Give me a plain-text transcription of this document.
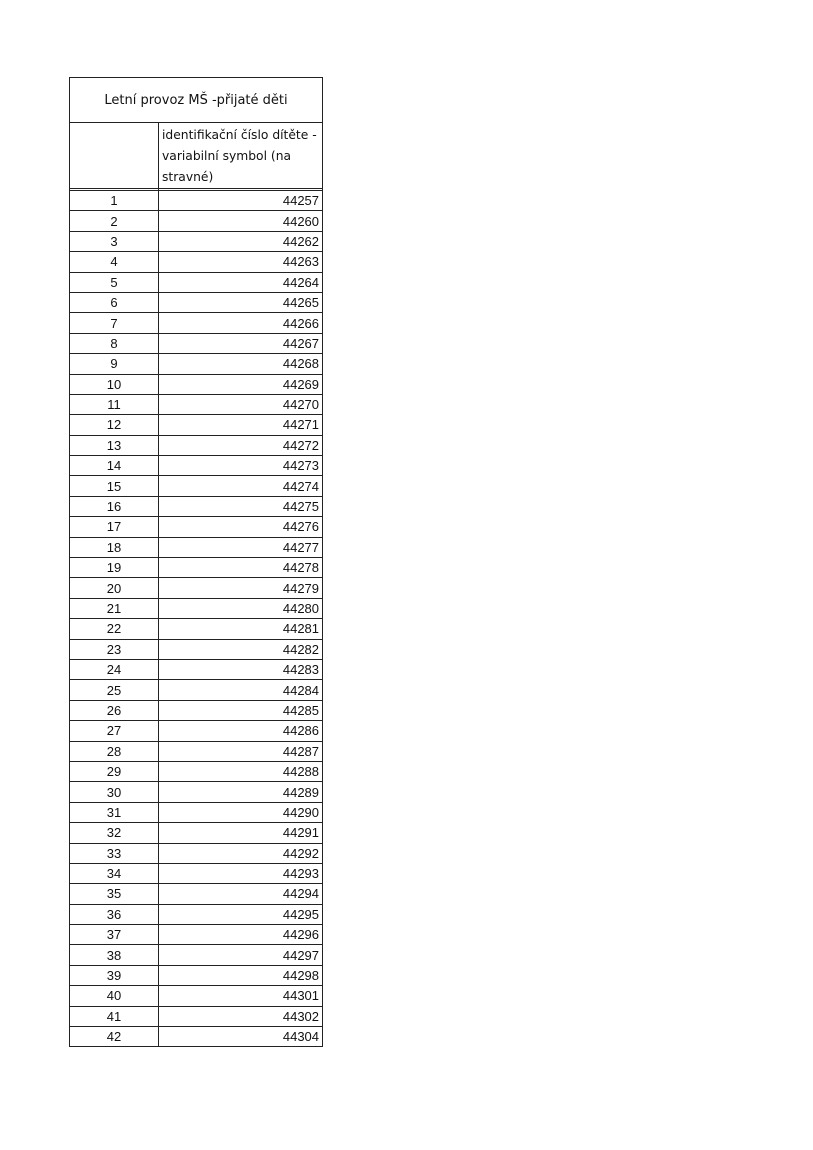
Letní provoz MŠ -přijaté děti	
	identifikační číslo dítěte - variabilní symbol (na stravné)

1	44257
2	44260
3	44262
4	44263
5	44264
6	44265
7	44266
8	44267
9	44268
10	44269
11	44270
12	44271
13	44272
14	44273
15	44274
16	44275
17	44276
18	44277
19	44278
20	44279
21	44280
22	44281
23	44282
24	44283
25	44284
26	44285
27	44286
28	44287
29	44288
30	44289
31	44290
32	44291
33	44292
34	44293
35	44294
36	44295
37	44296
38	44297
39	44298
40	44301
41	44302
42	44304
